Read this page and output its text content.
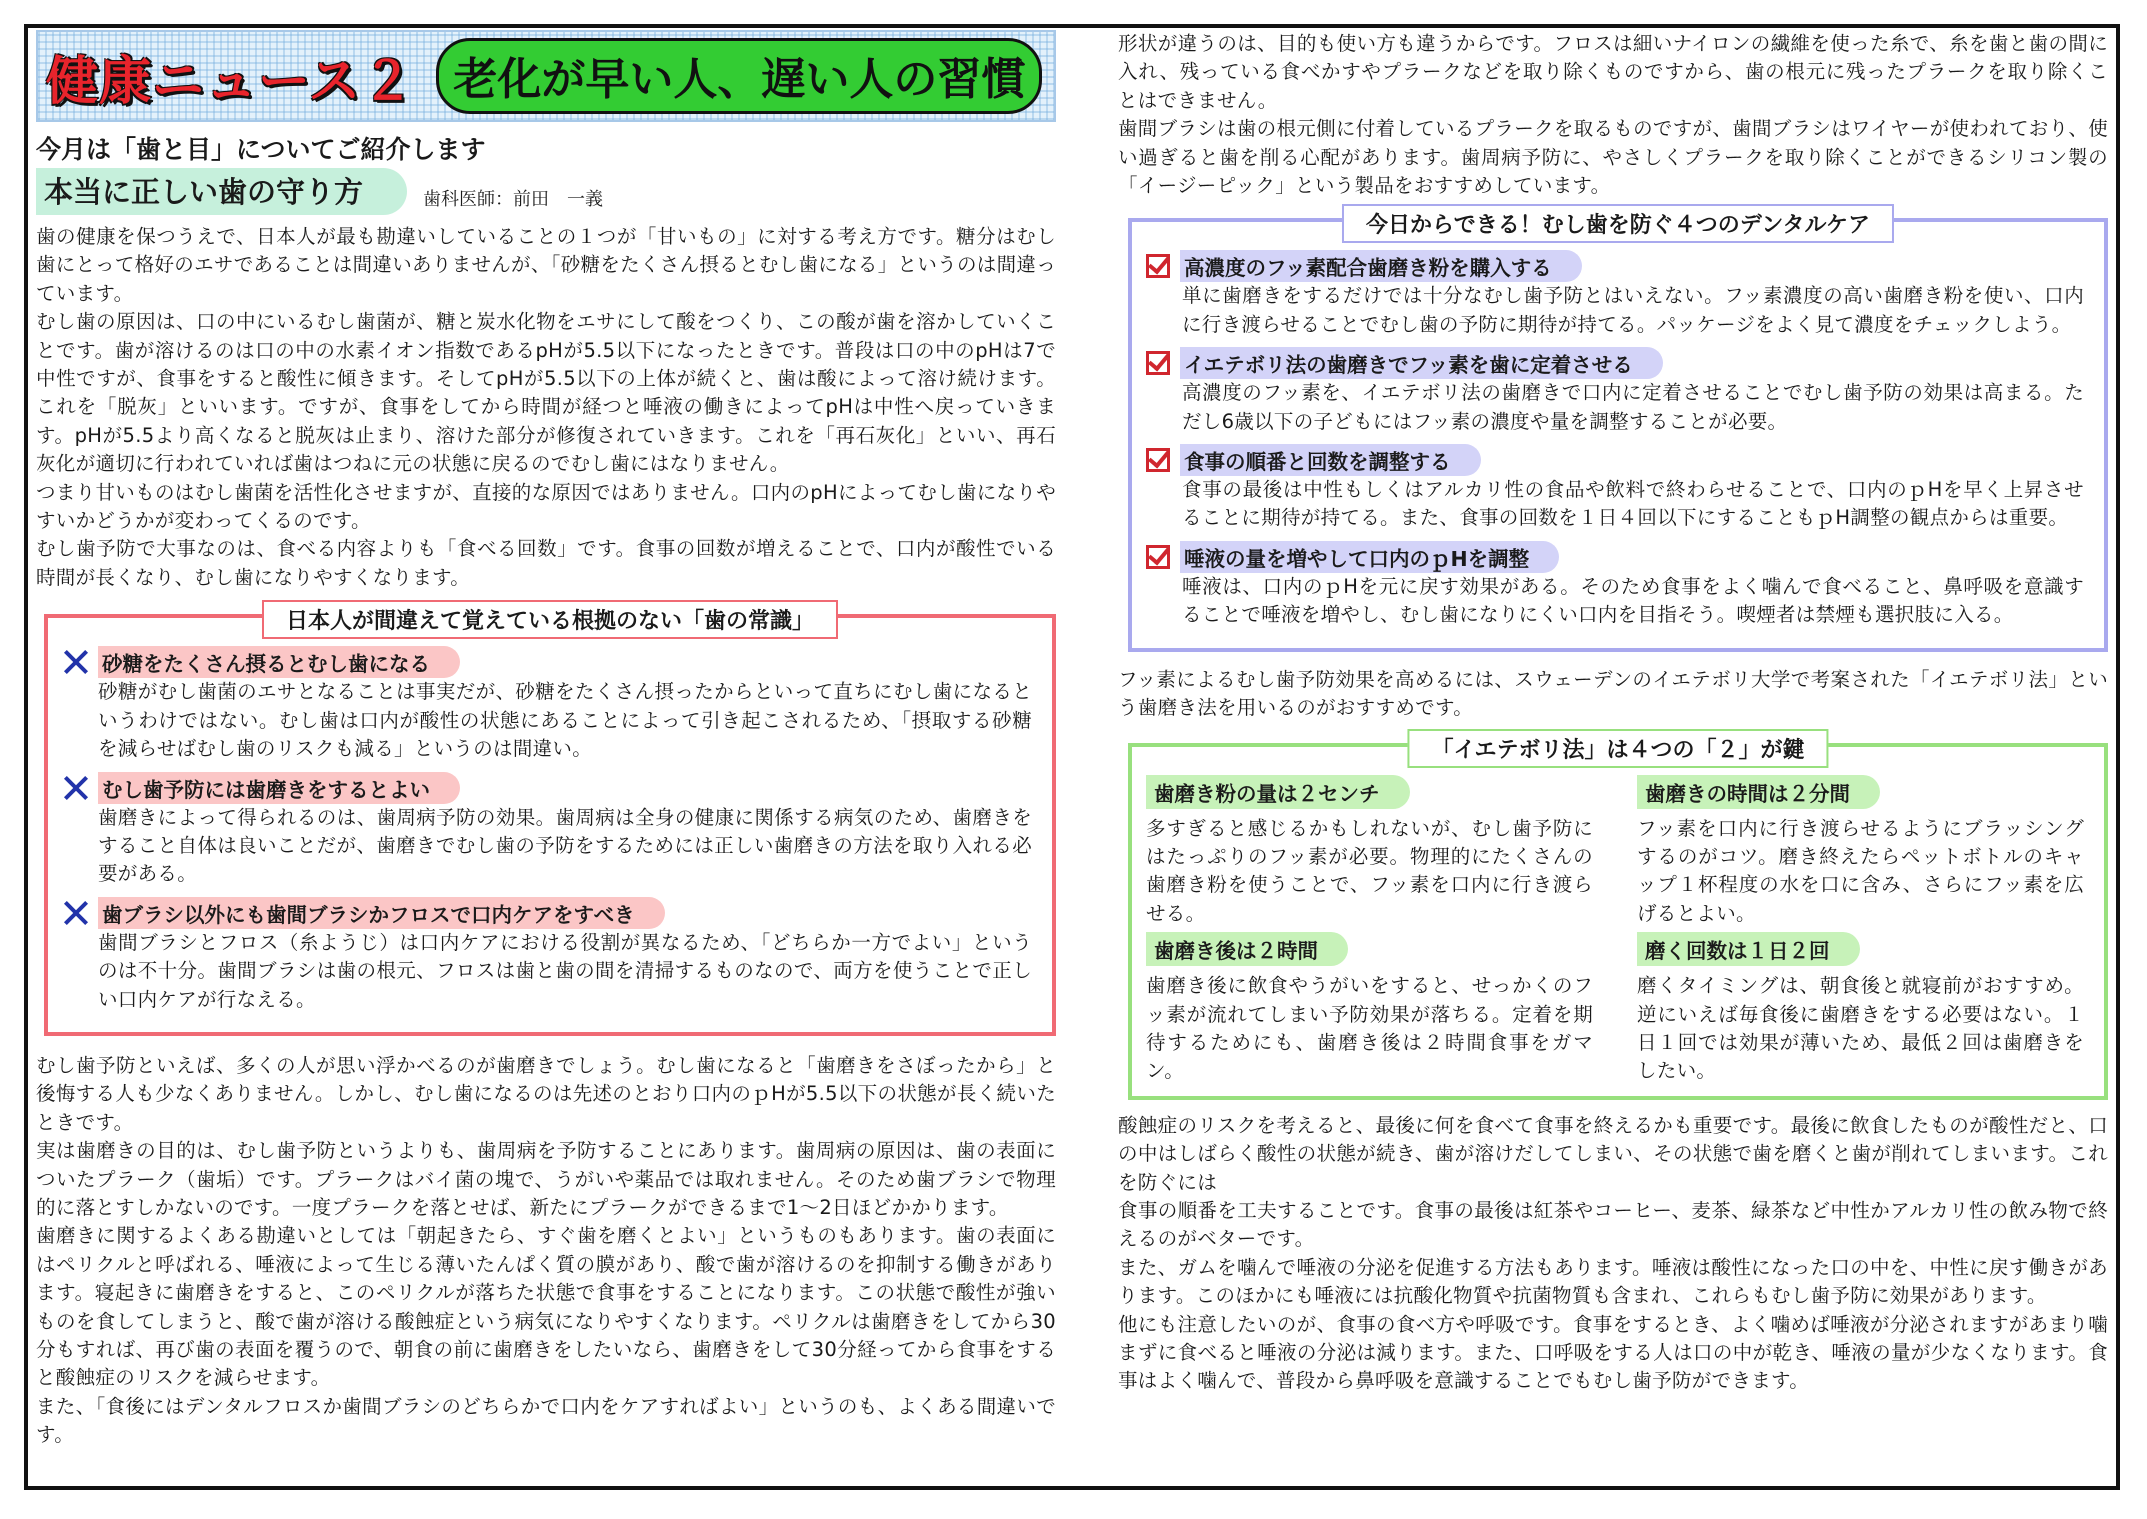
健康ニュース２ 老化が早い人、遅い人の習慣
今月は「歯と目」についてご紹介します
本当に正しい歯の守り方	歯科医師：前田　一義

歯の健康を保つうえで、日本人が最も勘違いしていることの１つが「甘いもの」に対する考え方です。糖分はむし歯にとって格好のエサであることは間違いありませんが、「砂糖をたくさん摂るとむし歯になる」というのは間違っています。

むし歯の原因は、口の中にいるむし歯菌が、糖と炭水化物をエサにして酸をつくり、この酸が歯を溶かしていくことです。歯が溶けるのは口の中の水素イオン指数であるpHが5.5以下になったときです。普段は口の中のpHは7で中性ですが、食事をすると酸性に傾きます。そしてpHが5.5以下の上体が続くと、歯は酸によって溶け続けます。これを「脱灰」といいます。ですが、食事をしてから時間が経つと唾液の働きによってpHは中性へ戻っていきます。pHが5.5より高くなると脱灰は止まり、溶けた部分が修復されていきます。これを「再石灰化」といい、再石灰化が適切に行われていれば歯はつねに元の状態に戻るのでむし歯にはなりません。

つまり甘いものはむし歯菌を活性化させますが、直接的な原因ではありません。口内のpHによってむし歯になりやすいかどうかが変わってくるのです。

むし歯予防で大事なのは、食べる内容よりも「食べる回数」です。食事の回数が増えることで、口内が酸性でいる時間が長くなり、むし歯になりやすくなります。

日本人が間違えて覚えている根拠のない「歯の常識」
砂糖をたくさん摂るとむし歯になる
砂糖がむし歯菌のエサとなることは事実だが、砂糖をたくさん摂ったからといって直ちにむし歯になるというわけではない。むし歯は口内が酸性の状態にあることによって引き起こされるため、「摂取する砂糖を減らせばむし歯のリスクも減る」というのは間違い。
むし歯予防には歯磨きをするとよい
歯磨きによって得られるのは、歯周病予防の効果。歯周病は全身の健康に関係する病気のため、歯磨きをすること自体は良いことだが、歯磨きでむし歯の予防をするためには正しい歯磨きの方法を取り入れる必要がある。
歯ブラシ以外にも歯間ブラシかフロスで口内ケアをすべき
歯間ブラシとフロス（糸ようじ）は口内ケアにおける役割が異なるため、「どちらか一方でよい」というのは不十分。歯間ブラシは歯の根元、フロスは歯と歯の間を清掃するものなので、両方を使うことで正しい口内ケアが行なえる。

むし歯予防といえば、多くの人が思い浮かべるのが歯磨きでしょう。むし歯になると「歯磨きをさぼったから」と後悔する人も少なくありません。しかし、むし歯になるのは先述のとおり口内のｐHが5.5以下の状態が長く続いたときです。

実は歯磨きの目的は、むし歯予防というよりも、歯周病を予防することにあります。歯周病の原因は、歯の表面についたプラーク（歯垢）です。プラークはバイ菌の塊で、うがいや薬品では取れません。そのため歯ブラシで物理的に落とすしかないのです。一度プラークを落とせば、新たにプラークができるまで1～2日ほどかかります。

歯磨きに関するよくある勘違いとしては「朝起きたら、すぐ歯を磨くとよい」というものもあります。歯の表面にはペリクルと呼ばれる、唾液によって生じる薄いたんぱく質の膜があり、酸で歯が溶けるのを抑制する働きがあります。寝起きに歯磨きをすると、このペリクルが落ちた状態で食事をすることになります。この状態で酸性が強いものを食してしまうと、酸で歯が溶ける酸蝕症という病気になりやすくなります。ペリクルは歯磨きをしてから30分もすれば、再び歯の表面を覆うので、朝食の前に歯磨きをしたいなら、歯磨きをして30分経ってから食事をすると酸蝕症のリスクを減らせます。

また、「食後にはデンタルフロスか歯間ブラシのどちらかで口内をケアすればよい」というのも、よくある間違いです。

形状が違うのは、目的も使い方も違うからです。フロスは細いナイロンの繊維を使った糸で、糸を歯と歯の間に入れ、残っている食べかすやプラークなどを取り除くものですから、歯の根元に残ったプラークを取り除くことはできません。

歯間ブラシは歯の根元側に付着しているプラークを取るものですが、歯間ブラシはワイヤーが使われており、使い過ぎると歯を削る心配があります。歯周病予防に、やさしくプラークを取り除くことができるシリコン製の「イージーピック」という製品をおすすめしています。

今日からできる！むし歯を防ぐ４つのデンタルケア
高濃度のフッ素配合歯磨き粉を購入する
単に歯磨きをするだけでは十分なむし歯予防とはいえない。フッ素濃度の高い歯磨き粉を使い、口内に行き渡らせることでむし歯の予防に期待が持てる。パッケージをよく見て濃度をチェックしよう。
イエテボリ法の歯磨きでフッ素を歯に定着させる
高濃度のフッ素を、イエテボリ法の歯磨きで口内に定着させることでむし歯予防の効果は高まる。ただし6歳以下の子どもにはフッ素の濃度や量を調整することが必要。
食事の順番と回数を調整する
食事の最後は中性もしくはアルカリ性の食品や飲料で終わらせることで、口内のｐHを早く上昇させることに期待が持てる。また、食事の回数を１日４回以下にすることもｐH調整の観点からは重要。
唾液の量を増やして口内のｐHを調整
唾液は、口内のｐHを元に戻す効果がある。そのため食事をよく噛んで食べること、鼻呼吸を意識することで唾液を増やし、むし歯になりにくい口内を目指そう。喫煙者は禁煙も選択肢に入る。

フッ素によるむし歯予防効果を高めるには、スウェーデンのイエテボリ大学で考案された「イエテボリ法」という歯磨き法を用いるのがおすすめです。

「イエテボリ法」は４つの「２」が鍵
歯磨き粉の量は２センチ

多すぎると感じるかもしれないが、むし歯予防にはたっぷりのフッ素が必要。物理的にたくさんの歯磨き粉を使うことで、フッ素を口内に行き渡らせる。

歯磨きの時間は２分間

フッ素を口内に行き渡らせるようにブラッシングするのがコツ。磨き終えたらペットボトルのキャップ１杯程度の水を口に含み、さらにフッ素を広げるとよい。

歯磨き後は２時間

歯磨き後に飲食やうがいをすると、せっかくのフッ素が流れてしまい予防効果が落ちる。定着を期待するためにも、歯磨き後は２時間食事をガマン。

磨く回数は１日２回

磨くタイミングは、朝食後と就寝前がおすすめ。逆にいえば毎食後に歯磨きをする必要はない。１日１回では効果が薄いため、最低２回は歯磨きをしたい。

酸蝕症のリスクを考えると、最後に何を食べて食事を終えるかも重要です。最後に飲食したものが酸性だと、口の中はしばらく酸性の状態が続き、歯が溶けだしてしまい、その状態で歯を磨くと歯が削れてしまいます。これを防ぐには

食事の順番を工夫することです。食事の最後は紅茶やコーヒー、麦茶、緑茶など中性かアルカリ性の飲み物で終えるのがベターです。

また、ガムを噛んで唾液の分泌を促進する方法もあります。唾液は酸性になった口の中を、中性に戻す働きがあります。このほかにも唾液には抗酸化物質や抗菌物質も含まれ、これらもむし歯予防に効果があります。

他にも注意したいのが、食事の食べ方や呼吸です。食事をするとき、よく噛めば唾液が分泌されますがあまり噛まずに食べると唾液の分泌は減ります。また、口呼吸をする人は口の中が乾き、唾液の量が少なくなります。食事はよく噛んで、普段から鼻呼吸を意識することでもむし歯予防ができます。
